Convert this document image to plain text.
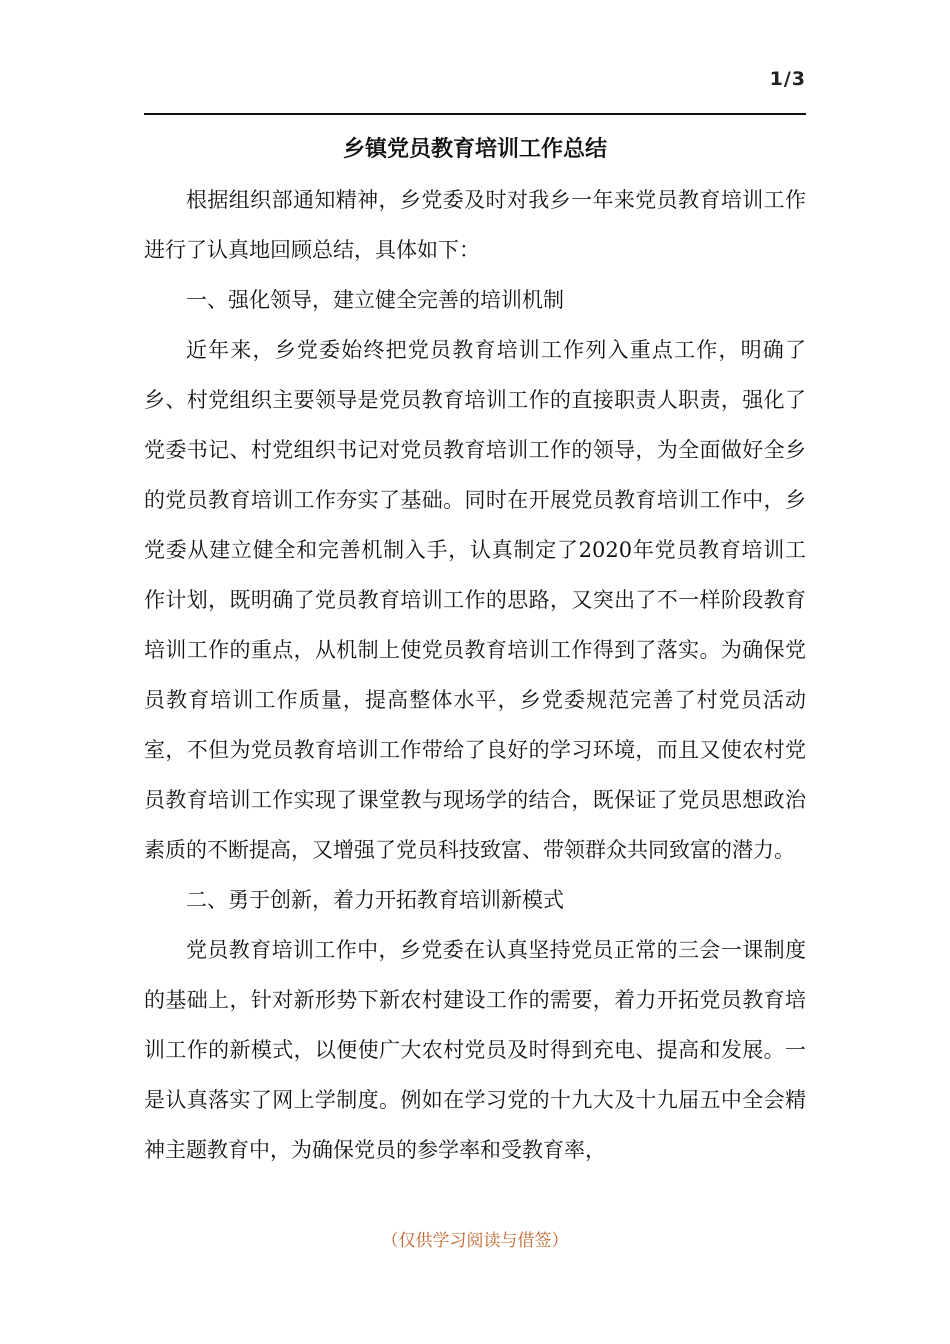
1/3
乡镇党员教育培训工作总结

根据组织部通知精神，乡党委及时对我乡一年来党员教育培训工作进行了认真地回顾总结，具体如下：

一、强化领导，建立健全完善的培训机制

近年来，乡党委始终把党员教育培训工作列入重点工作，明确了乡、村党组织主要领导是党员教育培训工作的直接职责人职责，强化了党委书记、村党组织书记对党员教育培训工作的领导，为全面做好全乡的党员教育培训工作夯实了基础。同时在开展党员教育培训工作中，乡党委从建立健全和完善机制入手，认真制定了2020年党员教育培训工作计划，既明确了党员教育培训工作的思路，又突出了不一样阶段教育培训工作的重点，从机制上使党员教育培训工作得到了落实。为确保党员教育培训工作质量，提高整体水平，乡党委规范完善了村党员活动室，不但为党员教育培训工作带给了良好的学习环境，而且又使农村党员教育培训工作实现了课堂教与现场学的结合，既保证了党员思想政治素质的不断提高，又增强了党员科技致富、带领群众共同致富的潜力。

二、勇于创新，着力开拓教育培训新模式

党员教育培训工作中，乡党委在认真坚持党员正常的三会一课制度的基础上，针对新形势下新农村建设工作的需要，着力开拓党员教育培训工作的新模式，以便使广大农村党员及时得到充电、提高和发展。一是认真落实了网上学制度。例如在学习党的十九大及十九届五中全会精神主题教育中，为确保党员的参学率和受教育率，

（仅供学习阅读与借签）
